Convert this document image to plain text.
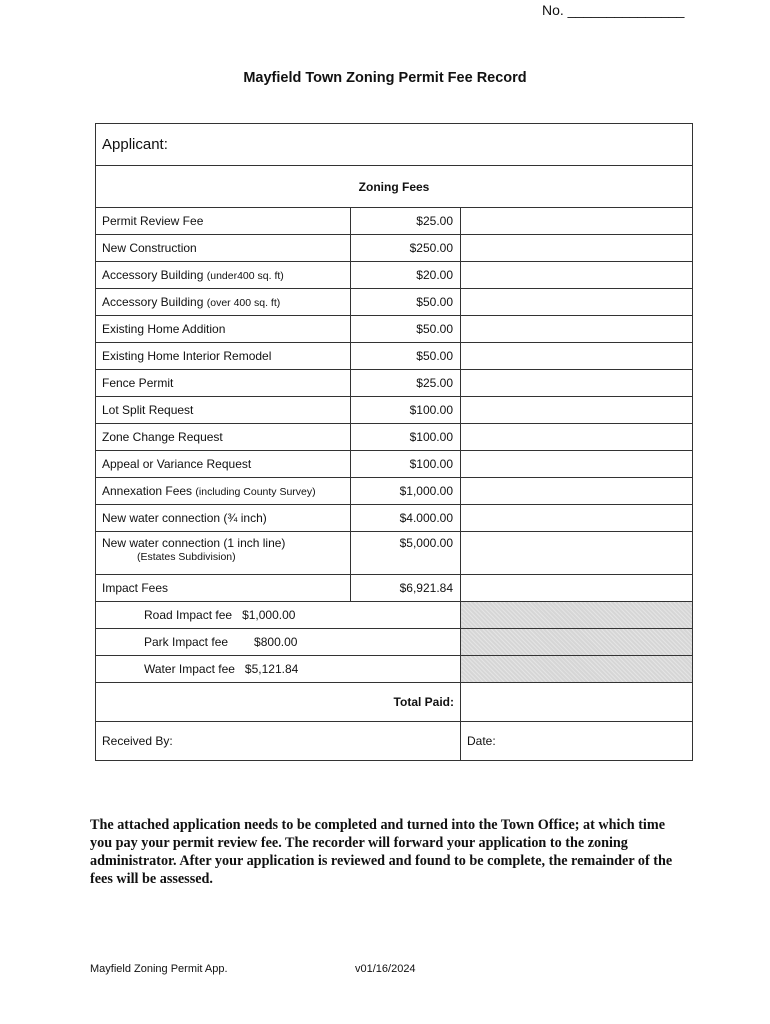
No. _______________
Mayfield Town Zoning Permit Fee Record
Applicant:		
Zoning Fees		
Permit Review Fee	$25.00	
New Construction	$250.00	
Accessory Building (under400 sq. ft)	$20.00	
Accessory Building (over 400 sq. ft)	$50.00	
Existing Home Addition	$50.00	
Existing Home Interior Remodel	$50.00	
Fence Permit	$25.00	
Lot Split Request	$100.00	
Zone Change Request	$100.00	
Appeal or Variance Request	$100.00	
Annexation Fees (including County Survey)	$1,000.00	
New water connection (¾ inch)	$4.000.00	
New water connection (1 inch line)
(Estates Subdivision)	$5,000.00	
Impact Fees	$6,921.84	
Road Impact fee $1,000.00		
Park Impact fee $800.00		
Water Impact fee $5,121.84		
Total Paid:		
Received By:		Date:
The attached application needs to be completed and turned into the Town Office; at which time you pay your permit review fee. The recorder will forward your application to the zoning administrator. After your application is reviewed and found to be complete, the remainder of the fees will be assessed.
Mayfield Zoning Permit App.	v01/16/2024
